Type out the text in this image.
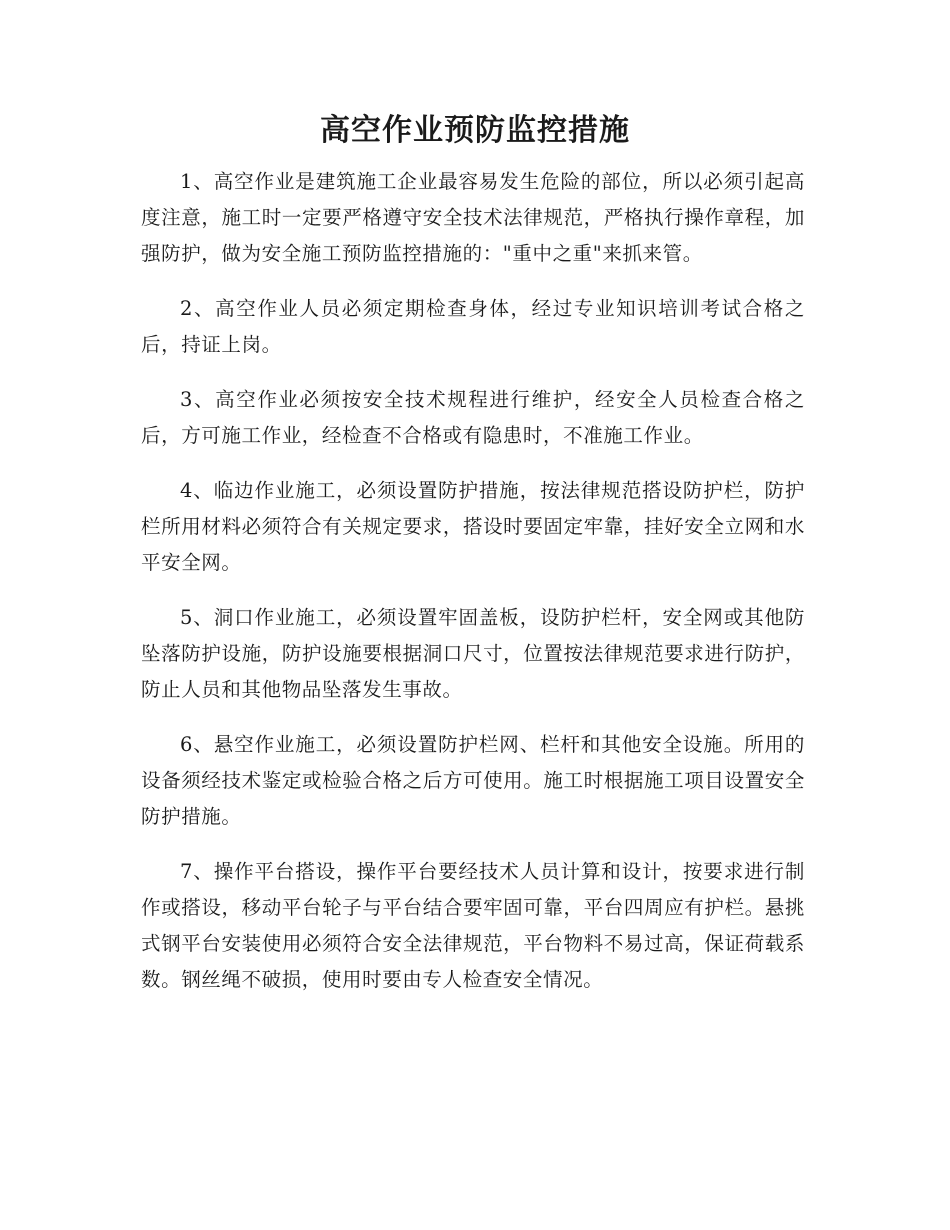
高空作业预防监控措施

1、高空作业是建筑施工企业最容易发生危险的部位，所以必须引起高度注意，施工时一定要严格遵守安全技术法律规范，严格执行操作章程，加强防护，做为安全施工预防监控措施的："重中之重"来抓来管。

2、高空作业人员必须定期检查身体，经过专业知识培训考试合格之后，持证上岗。

3、高空作业必须按安全技术规程进行维护，经安全人员检查合格之后，方可施工作业，经检查不合格或有隐患时，不准施工作业。

4、临边作业施工，必须设置防护措施，按法律规范搭设防护栏，防护栏所用材料必须符合有关规定要求，搭设时要固定牢靠，挂好安全立网和水平安全网。

5、洞口作业施工，必须设置牢固盖板，设防护栏杆，安全网或其他防坠落防护设施，防护设施要根据洞口尺寸，位置按法律规范要求进行防护，防止人员和其他物品坠落发生事故。

6、悬空作业施工，必须设置防护栏网、栏杆和其他安全设施。所用的设备须经技术鉴定或检验合格之后方可使用。施工时根据施工项目设置安全防护措施。

7、操作平台搭设，操作平台要经技术人员计算和设计，按要求进行制作或搭设，移动平台轮子与平台结合要牢固可靠，平台四周应有护栏。悬挑式钢平台安装使用必须符合安全法律规范，平台物料不易过高，保证荷载系数。钢丝绳不破损，使用时要由专人检查安全情况。
